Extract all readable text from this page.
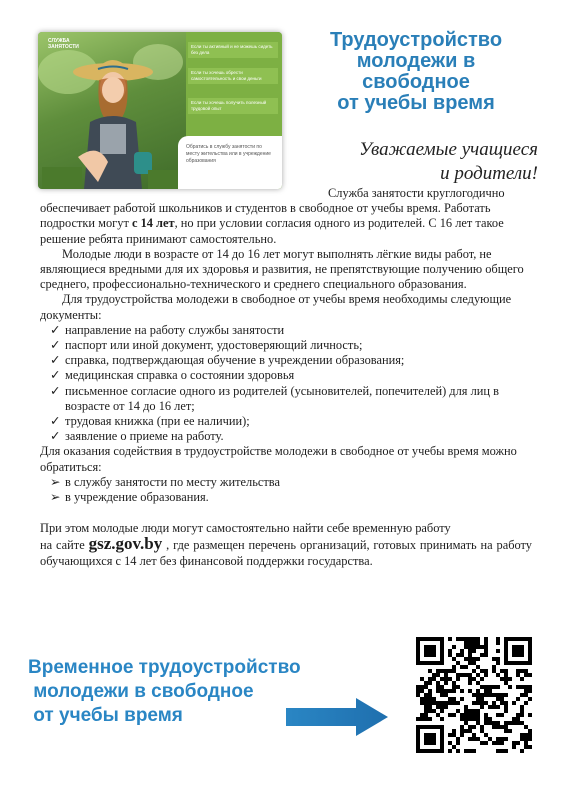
СЛУЖБА
ЗАНЯТОСТИ	Если ты активный и не можешь сидеть без дела
Если ты хочешь обрести самостоятельность и свои деньги
Если ты хочешь получить полезный трудовой опыт
Обратись в службу занятости по месту жительства или в учреждение образования
Трудоустройство
молодежи в
свободное
от учебы время
Уважаемые учащиеся
и родители!
Служба занятости круглогодично обеспечивает работой школьников и студентов в свободное от учебы время. Работать подростки могут с 14 лет, но при условии согласия одного из родителей. С 16 лет такое решение ребята принимают самостоятельно.
Молодые люди в возрасте от 14 до 16 лет могут выполнять лёгкие виды работ, не являющиеся вредными для их здоровья и развития, не препятствующие получению общего среднего, профессионально-технического и среднего специального образования.
Для трудоустройства молодежи в свободное от учебы время необходимы следующие документы:
✓ направление на работу службы занятости
✓ паспорт или иной документ, удостоверяющий личность;
✓ справка, подтверждающая обучение в учреждении образования;
✓ медицинская справка о состоянии здоровья
✓ письменное согласие одного из родителей (усыновителей, попечителей) для лиц в возрасте от 14 до 16 лет;
✓ трудовая книжка (при ее наличии);
✓ заявление о приеме на работу.
Для оказания содействия в трудоустройстве молодежи в свободное от учебы время можно обратиться:
➢ в службу занятости по месту жительства
➢ в учреждение образования.
При этом молодые люди могут самостоятельно найти себе временную работу
на сайте gsz.gov.by , где размещен перечень организаций, готовых принимать на работу обучающихся с 14 лет без финансовой поддержки государства.
Временное трудоустройство
молодежи в свободное
от учебы время
